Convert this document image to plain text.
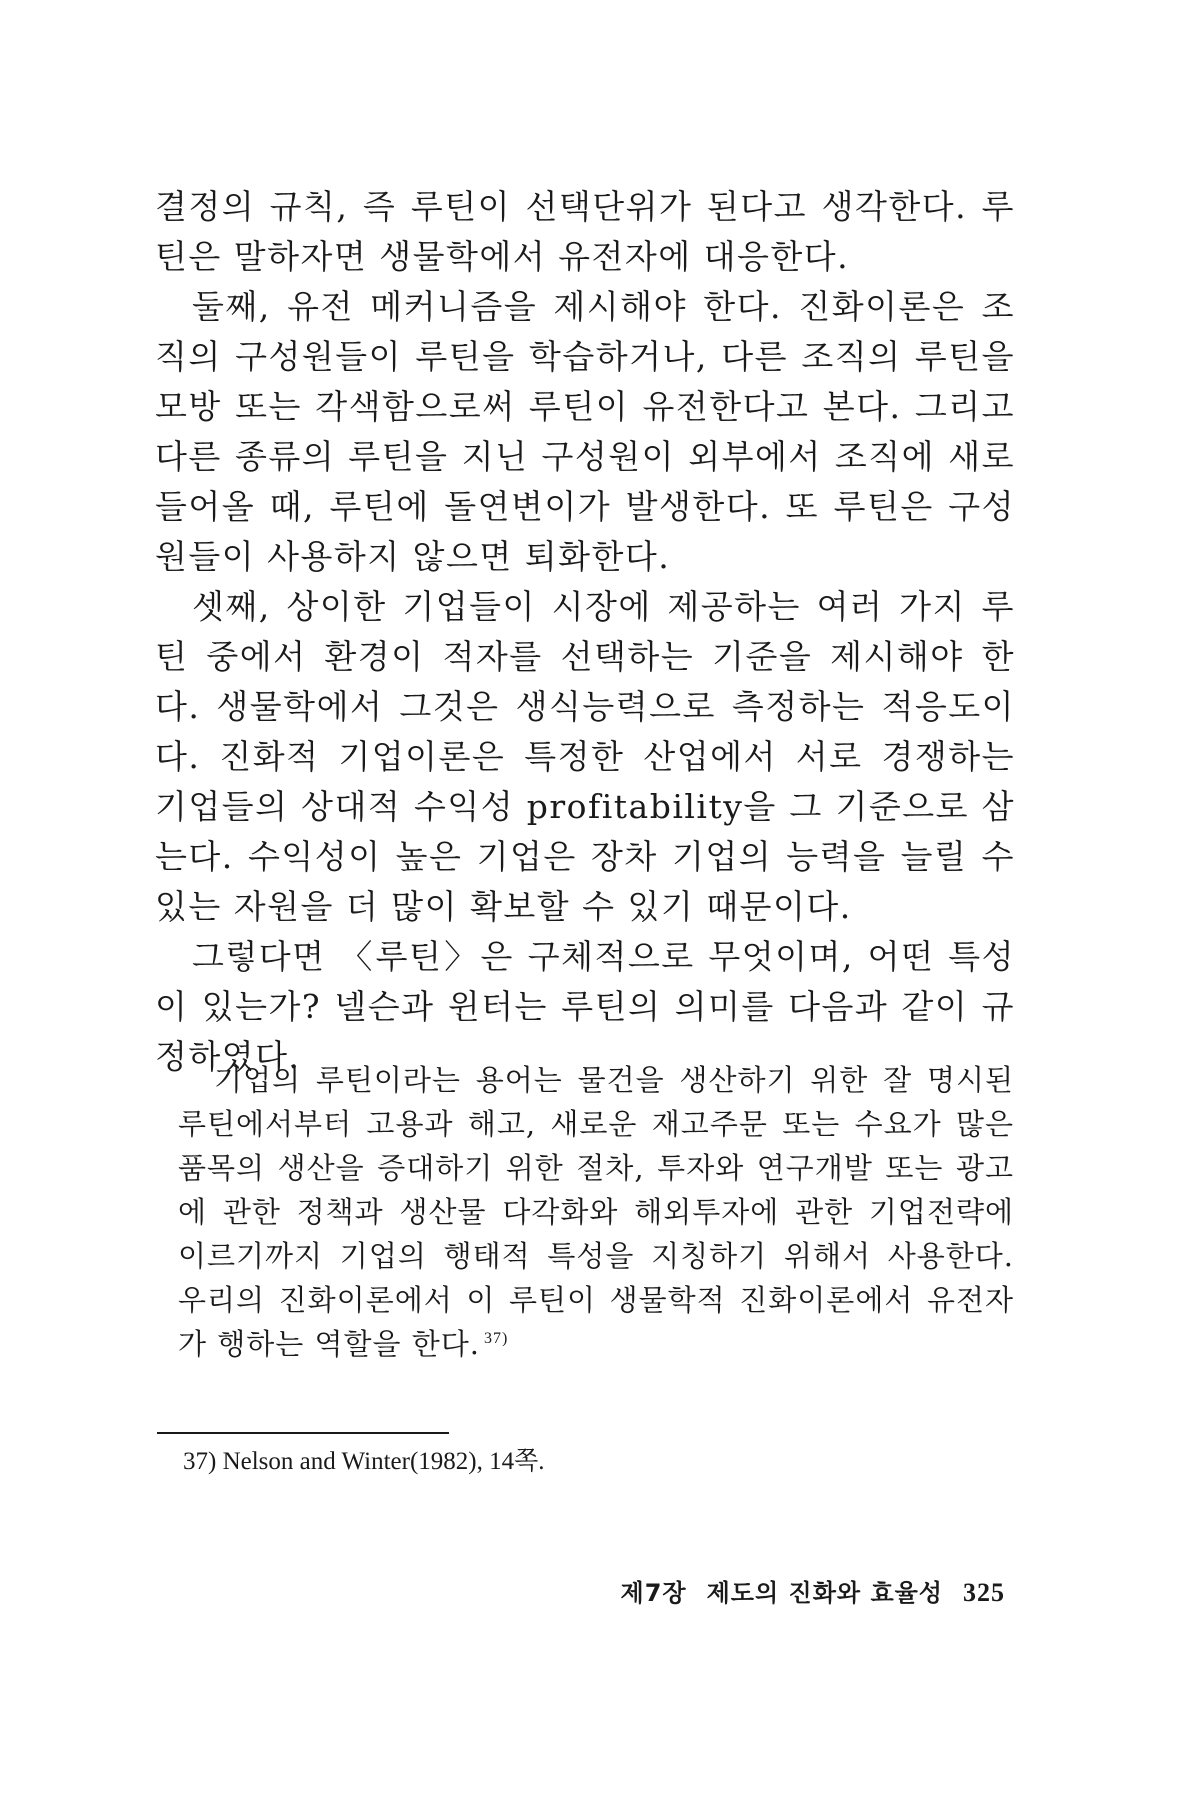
결정의 규칙, 즉 루틴이 선택단위가 된다고 생각한다. 루틴은 말하자면 생물학에서 유전자에 대응한다.

둘째, 유전 메커니즘을 제시해야 한다. 진화이론은 조직의 구성원들이 루틴을 학습하거나, 다른 조직의 루틴을 모방 또는 각색함으로써 루틴이 유전한다고 본다. 그리고 다른 종류의 루틴을 지닌 구성원이 외부에서 조직에 새로 들어올 때, 루틴에 돌연변이가 발생한다. 또 루틴은 구성원들이 사용하지 않으면 퇴화한다.

셋째, 상이한 기업들이 시장에 제공하는 여러 가지 루틴 중에서 환경이 적자를 선택하는 기준을 제시해야 한다. 생물학에서 그것은 생식능력으로 측정하는 적응도이다. 진화적 기업이론은 특정한 산업에서 서로 경쟁하는 기업들의 상대적 수익성 profitability을 그 기준으로 삼는다. 수익성이 높은 기업은 장차 기업의 능력을 늘릴 수 있는 자원을 더 많이 확보할 수 있기 때문이다.

그렇다면 〈루틴〉은 구체적으로 무엇이며, 어떤 특성이 있는가? 넬슨과 윈터는 루틴의 의미를 다음과 같이 규정하였다.

기업의 루틴이라는 용어는 물건을 생산하기 위한 잘 명시된 루틴에서부터 고용과 해고, 새로운 재고주문 또는 수요가 많은 품목의 생산을 증대하기 위한 절차, 투자와 연구개발 또는 광고에 관한 정책과 생산물 다각화와 해외투자에 관한 기업전략에 이르기까지 기업의 행태적 특성을 지칭하기 위해서 사용한다. 우리의 진화이론에서 이 루틴이 생물학적 진화이론에서 유전자가 행하는 역할을 한다. $^{37)}$

37) Nelson and Winter(1982), 14쪽.

제7장 제도의 진화와 효율성 325
